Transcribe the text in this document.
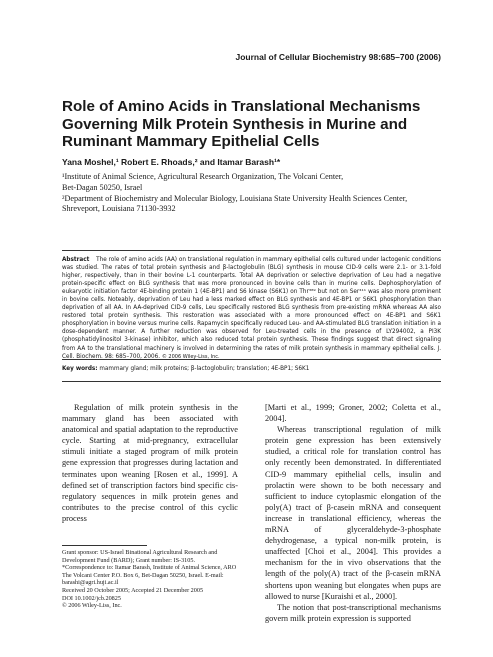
Journal of Cellular Biochemistry 98:685–700 (2006)
Role of Amino Acids in Translational Mechanisms Governing Milk Protein Synthesis in Murine and Ruminant Mammary Epithelial Cells
Yana Moshel,¹ Robert E. Rhoads,² and Itamar Barash¹*
¹Institute of Animal Science, Agricultural Research Organization, The Volcani Center,
Bet-Dagan 50250, Israel
²Department of Biochemistry and Molecular Biology, Louisiana State University Health Sciences Center,
Shreveport, Louisiana 71130-3932

Abstract The role of amino acids (AA) on translational regulation in mammary epithelial cells cultured under lactogenic conditions was studied. The rates of total protein synthesis and β-lactoglobulin (BLG) synthesis in mouse CID-9 cells were 2.1- or 3.1-fold higher, respectively, than in their bovine L-1 counterparts. Total AA deprivation or selective deprivation of Leu had a negative protein-specific effect on BLG synthesis that was more pronounced in bovine cells than in murine cells. Dephosphorylation of eukaryotic initiation factor 4E-binding protein 1 (4E-BP1) and S6 kinase (S6K1) on Thr³⁸⁹ but not on Ser⁴¹¹ was also more prominent in bovine cells. Noteably, deprivation of Leu had a less marked effect on BLG synthesis and 4E-BP1 or S6K1 phosphorylation than deprivation of all AA. In AA-deprived CID-9 cells, Leu specifically restored BLG synthesis from pre-existing mRNA whereas AA also restored total protein synthesis. This restoration was associated with a more pronounced effect on 4E-BP1 and S6K1 phosphorylation in bovine versus murine cells. Rapamycin specifically reduced Leu- and AA-stimulated BLG translation initiation in a dose-dependent manner. A further reduction was observed for Leu-treated cells in the presence of LY294002, a PI3K (phosphatidylinositol 3-kinase) inhibitor, which also reduced total protein synthesis. These findings suggest that direct signaling from AA to the translational machinery is involved in determining the rates of milk protein synthesis in mammary epithelial cells. J. Cell. Biochem. 98: 685–700, 2006. © 2006 Wiley-Liss, Inc.

Key words: mammary gland; milk proteins; β-lactoglobulin; translation; 4E-BP1; S6K1

Regulation of milk protein synthesis in the mammary gland has been associated with anatomical and spatial adaptation to the reproductive cycle. Starting at mid-pregnancy, extracellular stimuli initiate a staged program of milk protein gene expression that progresses during lactation and terminates upon weaning [Rosen et al., 1999]. A defined set of transcription factors bind specific cis-regulatory sequences in milk protein genes and contributes to the precise control of this cyclic process

[Marti et al., 1999; Groner, 2002; Coletta et al., 2004].

Whereas transcriptional regulation of milk protein gene expression has been extensively studied, a critical role for translation control has only recently been demonstrated. In differentiated CID-9 mammary epithelial cells, insulin and prolactin were shown to be both necessary and sufficient to induce cytoplasmic elongation of the poly(A) tract of β-casein mRNA and consequent increase in translational efficiency, whereas the mRNA of glyceraldehyde-3-phosphate dehydrogenase, a typical non-milk protein, is unaffected [Choi et al., 2004]. This provides a mechanism for the in vivo observations that the length of the poly(A) tract of the β-casein mRNA shortens upon weaning but elongates when pups are allowed to nurse [Kuraishi et al., 2000].

The notion that post-transcriptional mechanisms govern milk protein expression is supported

Grant sponsor: US-Israel Binational Agricultural Research and Development Fund (BARD); Grant number: IS-3105.
*Correspondence to: Itamar Barash, Institute of Animal Science, ARO The Volcani Center P.O. Box 6, Bet-Dagan 50250, Israel. E-mail: barashi@agri.huji.ac.il
Received 20 October 2005; Accepted 21 December 2005
DOI 10.1002/jcb.20825
© 2006 Wiley-Liss, Inc.
